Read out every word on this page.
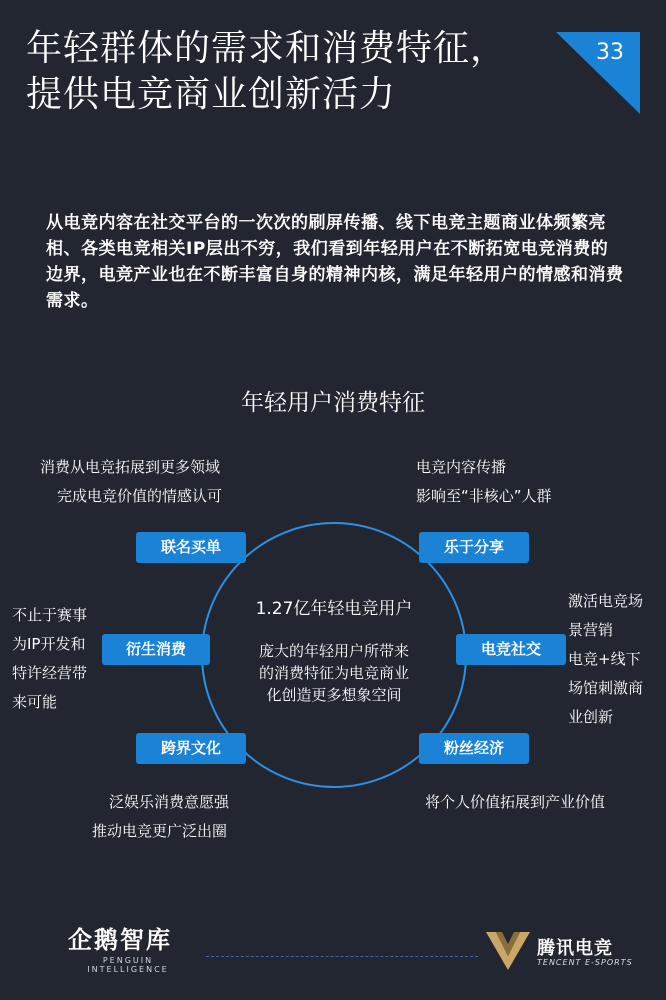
年轻群体的需求和消费特征，
提供电竞商业创新活力
33

从电竞内容在社交平台的一次次的刷屏传播、线下电竞主题商业体频繁亮相、各类电竞相关IP层出不穷，我们看到年轻用户在不断拓宽电竞消费的边界，电竞产业也在不断丰富自身的精神内核，满足年轻用户的情感和消费需求。

年轻用户消费特征
1.27亿年轻电竞用户
庞大的年轻用户所带来
的消费特征为电竞商业
化创造更多想象空间
联名买单	乐于分享
衍生消费	电竞社交
跨界文化	粉丝经济
消费从电竞拓展到更多领域
完成电竞价值的情感认可
电竞内容传播
影响至“非核心”人群
不止于赛事
为IP开发和
特许经营带
来可能
激活电竞场
景营销
电竞+线下
场馆刺激商
业创新
泛娱乐消费意愿强
推动电竞更广泛出圈
将个人价值拓展到产业价值
企鹅智库
PENGUIN INTELLIGENCE
腾讯电竞
TENCENT E-SPORTS
